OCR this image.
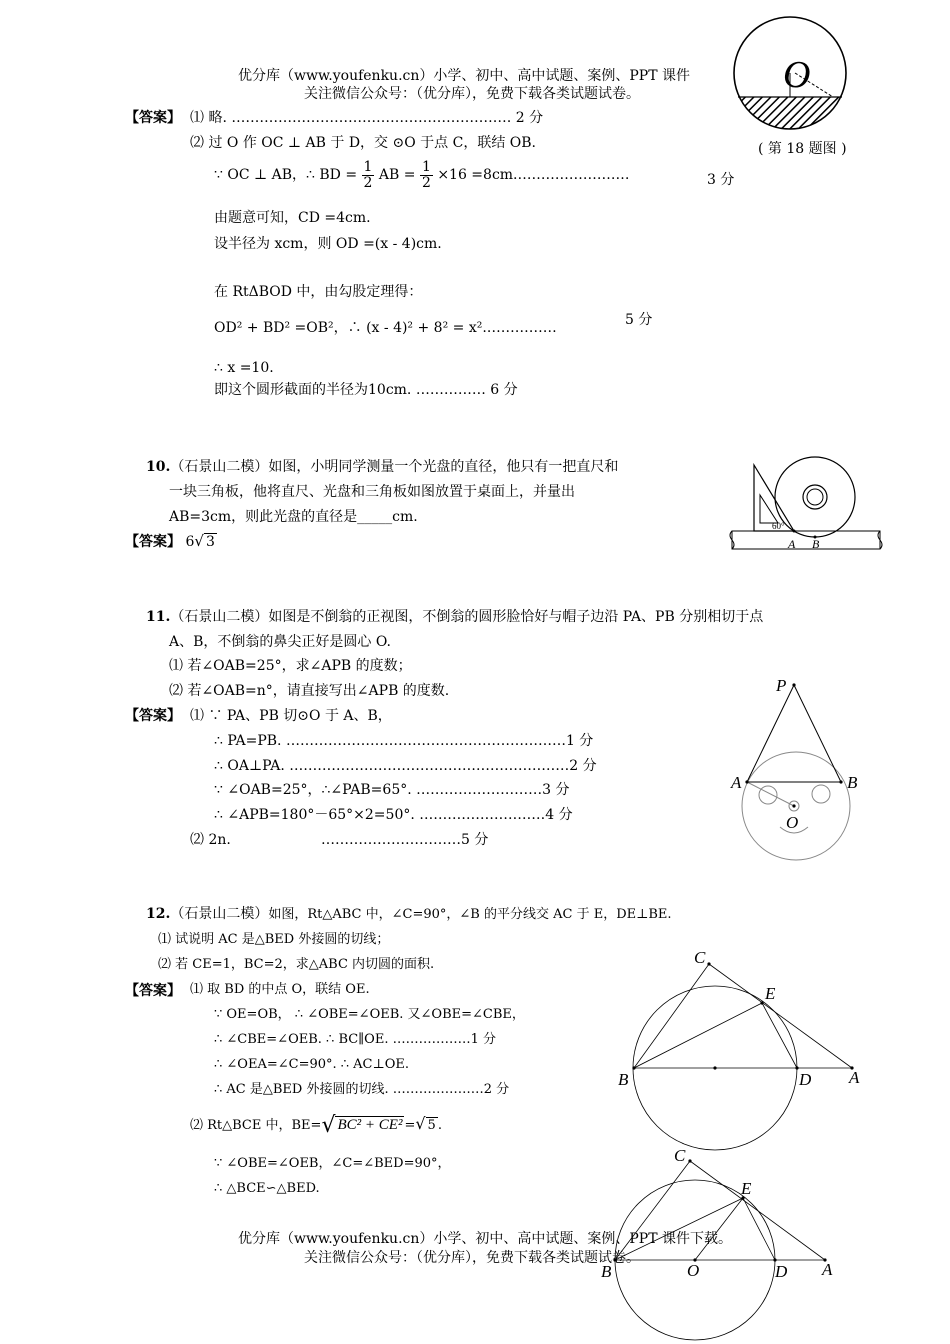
优分库（www.youfenku.cn）小学、初中、高中试题、案例、PPT 课件
关注微信公众号：（优分库），免费下载各类试题试卷。	O
( 第 18 题图 )
【答案】 ⑴ 略. …………………………………………………… 2 分
⑵ 过 O 作 OC ⊥ AB 于 D，交 ⊙O 于点 C，联结 OB.
∵ OC ⊥ AB，∴ BD = $\frac{1}{2}$ AB = $\frac{1}{2} \times 16$ =8cm.……………………	3 分
由题意可知，CD =4cm.
设半径为 xcm，则 OD =(x - 4)cm.
在 RtΔBOD 中，由勾股定理得：
OD² + BD² =OB²，∴ (x - 4)² + 8² = x².……………	5 分
∴ x =10.
即这个圆形截面的半径为10cm. …………… 6 分
10.（石景山二模）如图，小明同学测量一个光盘的直径，他只有一把直尺和
一块三角板，他将直尺、光盘和三角板如图放置于桌面上，并量出
AB=3cm，则此光盘的直径是_____cm.
【答案】 6√ 3
60°
A B
11.（石景山二模）如图是不倒翁的正视图，不倒翁的圆形脸恰好与帽子边沿 PA、PB 分别相切于点
A、B，不倒翁的鼻尖正好是圆心 O.
⑴ 若∠OAB=25°，求∠APB 的度数；
⑵ 若∠OAB=n°，请直接写出∠APB 的度数.
【答案】 ⑴ ∵ PA、PB 切⊙O 于 A、B，
∴ PA=PB. ……………………………………………………1 分
∴ OA⊥PA. ……………………………………………………2 分
∵ ∠OAB=25°，∴∠PAB=65°. ………………………3 分
∴ ∠APB=180°－65°×2=50°. ………………………4 分
⑵ 2n.	…………………………5 分
P
A	B
O
12.（石景山二模）如图，Rt△ABC 中，∠C=90°，∠B 的平分线交 AC 于 E，DE⊥BE.
⑴ 试说明 AC 是△BED 外接圆的切线；
⑵ 若 CE=1，BC=2，求△ABC 内切圆的面积.
【答案】 ⑴ 取 BD 的中点 O，联结 OE.
∵ OE=OB， ∴ ∠OBE=∠OEB. 又∠OBE=∠CBE，
∴ ∠CBE=∠OEB. ∴ BC∥OE. ………………1 分
∴ ∠OEA=∠C=90°. ∴ AC⊥OE.
∴ AC 是△BED 外接圆的切线. …………………2 分
⑵ Rt△BCE 中，BE=√ BC² + CE² =√ 5 .
∵ ∠OBE=∠OEB，∠C=∠BED=90°，
∴ △BCE∽△BED.
C
E
B	D A
C
E
B	O	D A
优分库（www.youfenku.cn）小学、初中、高中试题、案例、PPT 课件下载。
关注微信公众号：（优分库），免费下载各类试题试卷。
